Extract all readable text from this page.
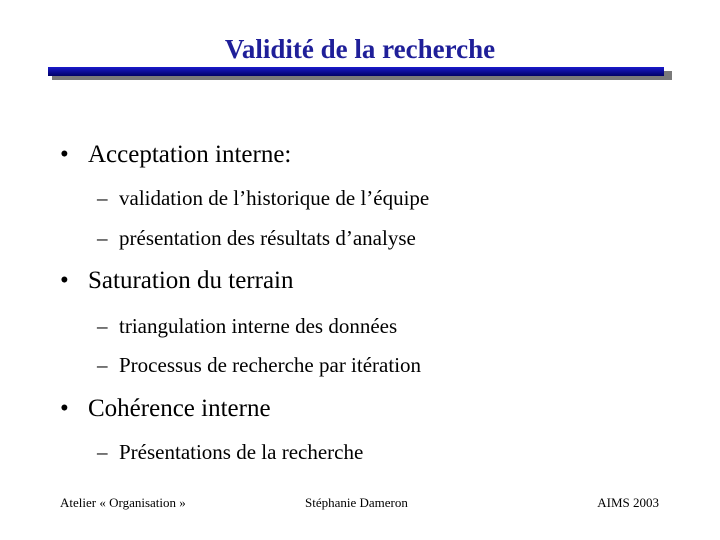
Validité de la recherche
• Acceptation interne:
– validation de l’historique de l’équipe
– présentation des résultats d’analyse
• Saturation du terrain
– triangulation interne des données
– Processus de recherche par itération
• Cohérence interne
– Présentations de la recherche
Atelier « Organisation »	Stéphanie Dameron	AIMS 2003
